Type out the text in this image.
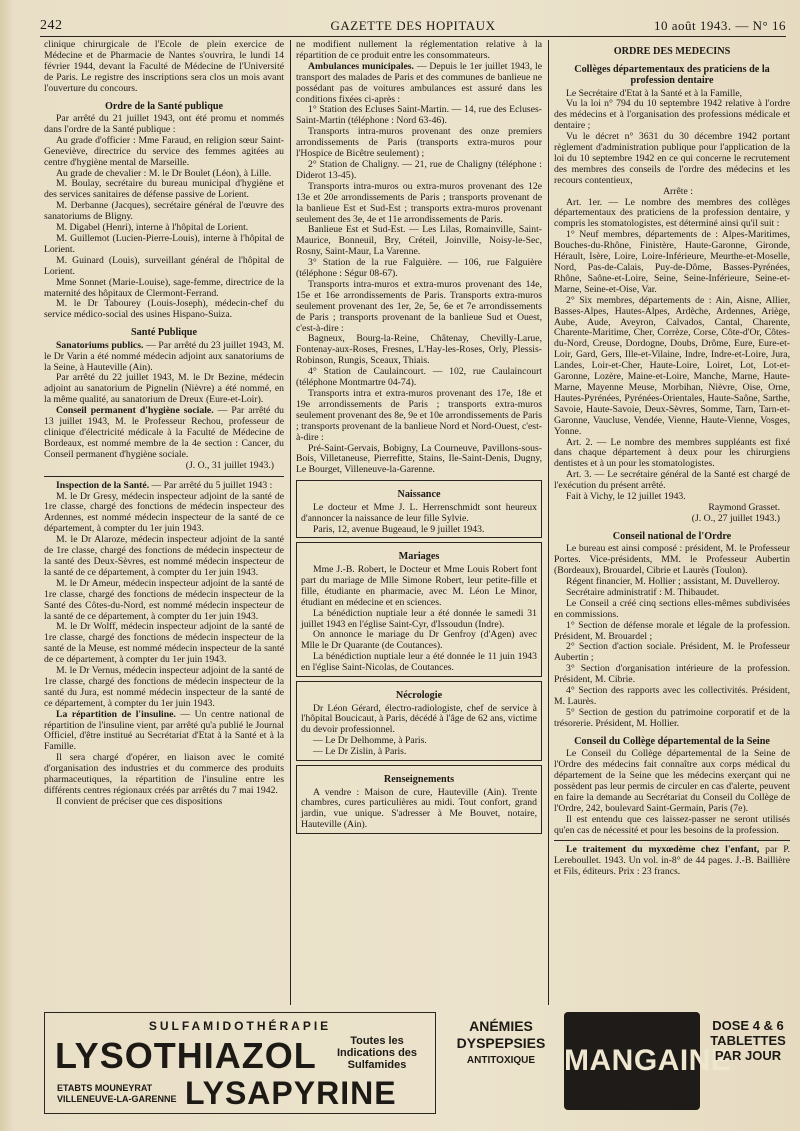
242	GAZETTE DES HOPITAUX	10 août 1943. — N° 16

clinique chirurgicale de l'Ecole de plein exercice de Médecine et de Pharmacie de Nantes s'ouvrira, le lundi 14 février 1944, devant la Faculté de Médecine de l'Université de Paris. Le registre des inscriptions sera clos un mois avant l'ouverture du concours.

Ordre de la Santé publique

Par arrêté du 21 juillet 1943, ont été promu et nommés dans l'ordre de la Santé publique :

Au grade d'officier : Mme Faraud, en religion sœur Saint-Geneviève, directrice du service des femmes agitées au centre d'hygiène mental de Marseille.

Au grade de chevalier : M. le Dr Boulet (Léon), à Lille.

M. Boulay, secrétaire du bureau municipal d'hygiène et des services sanitaires de défense passive de Lorient.

M. Derbanne (Jacques), secrétaire général de l'œuvre des sanatoriums de Bligny.

M. Digabel (Henri), interne à l'hôpital de Lorient.

M. Guillemot (Lucien-Pierre-Louis), interne à l'hôpital de Lorient.

M. Guinard (Louis), surveillant général de l'hôpital de Lorient.

Mme Sonnet (Marie-Louise), sage-femme, directrice de la maternité des hôpitaux de Clermont-Ferrand.

M. le Dr Tabourey (Louis-Joseph), médecin-chef du service médico-social des usines Hispano-Suiza.

Santé Publique

Sanatoriums publics. — Par arrêté du 23 juillet 1943, M. le Dr Varin a été nommé médecin adjoint aux sanatoriums de la Seine, à Hauteville (Ain).

Par arrêté du 22 juillet 1943, M. le Dr Bezine, médecin adjoint au sanatorium de Pignelin (Nièvre) a été nommé, en la même qualité, au sanatorium de Dreux (Eure-et-Loir).

Conseil permanent d'hygiène sociale. — Par arrêté du 13 juillet 1943, M. le Professeur Rechou, professeur de clinique d'électricité médicale à la Faculté de Médecine de Bordeaux, est nommé membre de la 4e section : Cancer, du Conseil permanent d'hygiène sociale.

(J. O., 31 juillet 1943.)

Inspection de la Santé. — Par arrêté du 5 juillet 1943 :

M. le Dr Gresy, médecin inspecteur adjoint de la santé de 1re classe, chargé des fonctions de médecin inspecteur des Ardennes, est nommé médecin inspecteur de la santé de ce département, à compter du 1er juin 1943.

M. le Dr Alaroze, médecin inspecteur adjoint de la santé de 1re classe, chargé des fonctions de médecin inspecteur de la santé des Deux-Sèvres, est nommé médecin inspecteur de la santé de ce département, à compter du 1er juin 1943.

M. le Dr Ameur, médecin inspecteur adjoint de la santé de 1re classe, chargé des fonctions de médecin inspecteur de la Santé des Côtes-du-Nord, est nommé médecin inspecteur de la santé de ce département, à compter du 1er juin 1943.

M. le Dr Wolff, médecin inspecteur adjoint de la santé de 1re classe, chargé des fonctions de médecin inspecteur de la santé de la Meuse, est nommé médecin inspecteur de la santé de ce département, à compter du 1er juin 1943.

M. le Dr Vernus, médecin inspecteur adjoint de la santé de 1re classe, chargé des fonctions de médecin inspecteur de la santé du Jura, est nommé médecin inspecteur de la santé de ce département, à compter du 1er juin 1943.

La répartition de l'insuline. — Un centre national de répartition de l'insuline vient, par arrêté qu'a publié le Journal Officiel, d'être institué au Secrétariat d'Etat à la Santé et à la Famille.

Il sera chargé d'opérer, en liaison avec le comité d'organisation des industries et du commerce des produits pharmaceutiques, la répartition de l'insuline entre les différents centres régionaux créés par arrêtés du 7 mai 1942.

Il convient de préciser que ces dispositions

ne modifient nullement la réglementation relative à la répartition de ce produit entre les consommateurs.

Ambulances municipales. — Depuis le 1er juillet 1943, le transport des malades de Paris et des communes de banlieue ne possédant pas de voitures ambulances est assuré dans les conditions fixées ci-après :

1° Station des Ecluses Saint-Martin. — 14, rue des Ecluses-Saint-Martin (téléphone : Nord 63-46).

Transports intra-muros provenant des onze premiers arrondissements de Paris (transports extra-muros pour l'Hospice de Bicêtre seulement) ;

2° Station de Chaligny. — 21, rue de Chaligny (téléphone : Diderot 13-45).

Transports intra-muros ou extra-muros provenant des 12e 13e et 20e arrondissements de Paris ; transports provenant de la banlieue Est et Sud-Est ; transports extra-muros provenant seulement des 3e, 4e et 11e arrondissements de Paris.

Banlieue Est et Sud-Est. — Les Lilas, Romainville, Saint-Maurice, Bonneuil, Bry, Créteil, Joinville, Noisy-le-Sec, Rosny, Saint-Maur, La Varenne.

3° Station de la rue Falguière. — 106, rue Falguière (téléphone : Ségur 08-67).

Transports intra-muros et extra-muros provenant des 14e, 15e et 16e arrondissements de Paris. Transports extra-muros seulement provenant des 1er, 2e, 5e, 6e et 7e arrondissements de Paris ; transports provenant de la banlieue Sud et Ouest, c'est-à-dire :

Bagneux, Bourg-la-Reine, Châtenay, Chevilly-Larue, Fontenay-aux-Roses, Fresnes, L'Hay-les-Roses, Orly, Plessis-Robinson, Rungis, Sceaux, Thiais.

4° Station de Caulaincourt. — 102, rue Caulaincourt (téléphone Montmartre 04-74).

Transports intra et extra-muros provenant des 17e, 18e et 19e arrondissements de Paris ; transports extra-muros seulement provenant des 8e, 9e et 10e arrondissements de Paris ; transports provenant de la banlieue Nord et Nord-Ouest, c'est-à-dire :

Pré-Saint-Gervais, Bobigny, La Courneuve, Pavillons-sous-Bois, Villetaneuse, Pierrefitte, Stains, Ile-Saint-Denis, Dugny, Le Bourget, Villeneuve-la-Garenne.

Naissance

Le docteur et Mme J. L. Herrenschmidt sont heureux d'annoncer la naissance de leur fille Sylvie.

Paris, 12, avenue Bugeaud, le 9 juillet 1943.

Mariages

Mme J.-B. Robert, le Docteur et Mme Louis Robert font part du mariage de Mlle Simone Robert, leur petite-fille et fille, étudiante en pharmacie, avec M. Léon Le Minor, étudiant en médecine et en sciences.

La bénédiction nuptiale leur a été donnée le samedi 31 juillet 1943 en l'église Saint-Cyr, d'Issoudun (Indre).

On annonce le mariage du Dr Genfroy (d'Agen) avec Mlle le Dr Quarante (de Coutances).

La bénédiction nuptiale leur a été donnée le 11 juin 1943 en l'église Saint-Nicolas, de Coutances.

Nécrologie

Dr Léon Gérard, électro-radiologiste, chef de service à l'hôpital Boucicaut, à Paris, décédé à l'âge de 62 ans, victime du devoir professionnel.

— Le Dr Delhomme, à Paris.

— Le Dr Zislin, à Paris.

Renseignements

A vendre : Maison de cure, Hauteville (Ain). Trente chambres, cures particulières au midi. Tout confort, grand jardin, vue unique. S'adresser à Me Bouvet, notaire, Hauteville (Ain).

ORDRE DES MEDECINS
Collèges départementaux des praticiens de la profession dentaire

Le Secrétaire d'Etat à la Santé et à la Famille,

Vu la loi n° 794 du 10 septembre 1942 relative à l'ordre des médecins et à l'organisation des professions médicale et dentaire ;

Vu le décret n° 3631 du 30 décembre 1942 portant règlement d'administration publique pour l'application de la loi du 10 septembre 1942 en ce qui concerne le recrutement des membres des conseils de l'ordre des médecins et les recours contentieux,

Arrête :

Art. 1er. — Le nombre des membres des collèges départementaux des praticiens de la profession dentaire, y compris les stomatologistes, est déterminé ainsi qu'il suit :

1° Neuf membres, départements de : Alpes-Maritimes, Bouches-du-Rhône, Finistère, Haute-Garonne, Gironde, Hérault, Isère, Loire, Loire-Inférieure, Meurthe-et-Moselle, Nord, Pas-de-Calais, Puy-de-Dôme, Basses-Pyrénées, Rhône, Saône-et-Loire, Seine, Seine-Inférieure, Seine-et-Marne, Seine-et-Oise, Var.

2° Six membres, départements de : Ain, Aisne, Allier, Basses-Alpes, Hautes-Alpes, Ardèche, Ardennes, Ariège, Aube, Aude, Aveyron, Calvados, Cantal, Charente, Charente-Maritime, Cher, Corrèze, Corse, Côte-d'Or, Côtes-du-Nord, Creuse, Dordogne, Doubs, Drôme, Eure, Eure-et-Loir, Gard, Gers, Ille-et-Vilaine, Indre, Indre-et-Loire, Jura, Landes, Loir-et-Cher, Haute-Loire, Loiret, Lot, Lot-et-Garonne, Lozère, Maine-et-Loire, Manche, Marne, Haute-Marne, Mayenne Meuse, Morbihan, Nièvre, Oise, Orne, Hautes-Pyrénées, Pyrénées-Orientales, Haute-Saône, Sarthe, Savoie, Haute-Savoie, Deux-Sèvres, Somme, Tarn, Tarn-et-Garonne, Vaucluse, Vendée, Vienne, Haute-Vienne, Vosges, Yonne.

Art. 2. — Le nombre des membres suppléants est fixé dans chaque département à deux pour les chirurgiens dentistes et à un pour les stomatologistes.

Art. 3. — Le secrétaire général de la Santé est chargé de l'exécution du présent arrêté.

Fait à Vichy, le 12 juillet 1943.

Raymond Grasset.

(J. O., 27 juillet 1943.)

Conseil national de l'Ordre

Le bureau est ainsi composé : président, M. le Professeur Portes. Vice-présidents, MM. le Professeur Aubertin (Bordeaux), Brouardel, Cibrie et Laurès (Toulon).

Régent financier, M. Hollier ; assistant, M. Duvelleroy.

Secrétaire administratif : M. Thibaudet.

Le Conseil a créé cinq sections elles-mêmes subdivisées en commissions.

1° Section de défense morale et légale de la profession. Président, M. Brouardel ;

2° Section d'action sociale. Président, M. le Professeur Aubertin ;

3° Section d'organisation intérieure de la profession. Président, M. Cibrie.

4° Section des rapports avec les collectivités. Président, M. Laurès.

5° Section de gestion du patrimoine corporatif et de la trésorerie. Président, M. Hollier.

Conseil du Collège départemental de la Seine

Le Conseil du Collège départemental de la Seine de l'Ordre des médecins fait connaître aux corps médical du département de la Seine que les médecins exerçant qui ne possèdent pas leur permis de circuler en cas d'alerte, peuvent en faire la demande au Secrétariat du Conseil du Collège de l'Ordre, 242, boulevard Saint-Germain, Paris (7e).

Il est entendu que ces laissez-passer ne seront utilisés qu'en cas de nécessité et pour les besoins de la profession.

Le traitement du myxœdème chez l'enfant, par P. Lereboullet. 1943. Un vol. in-8° de 44 pages. J.-B. Baillière et Fils, éditeurs. Prix : 23 francs.

SULFAMIDOTHÉRAPIE
LYSOTHIAZOL	Toutes les Indications des Sulfamides
ETABTS MOUNEYRAT
VILLENEUVE-LA-GARENNE LYSAPYRINE
ANÉMIES
DYSPEPSIES
ANTITOXIQUE MANGAINE
DOSE 4 & 6
TABLETTES
PAR JOUR
